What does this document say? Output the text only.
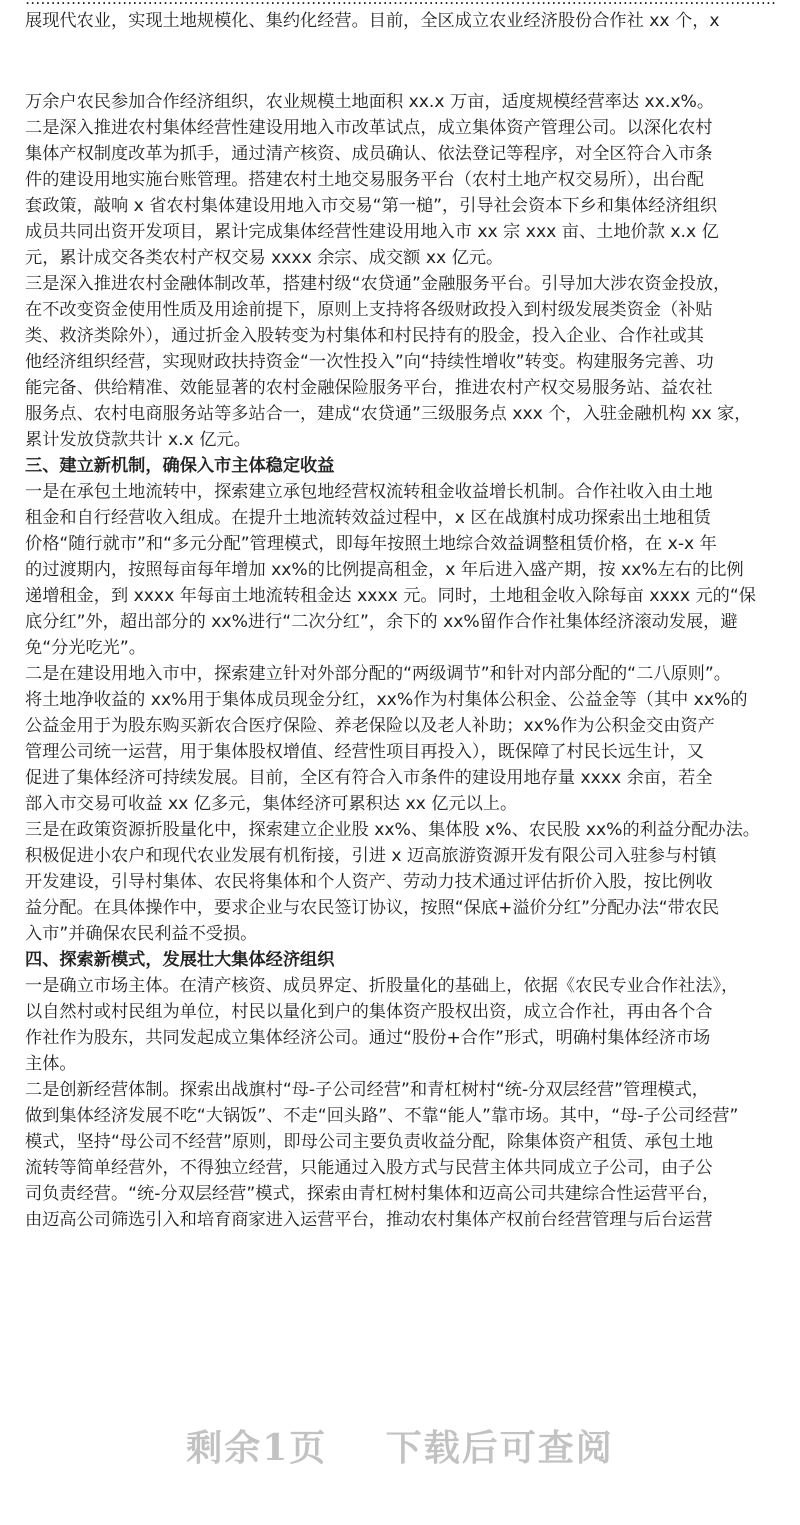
展现代农业，实现土地规模化、集约化经营。目前，全区成立农业经济股份合作社 xx 个，x
万余户农民参加合作经济组织，农业规模土地面积 xx.x 万亩，适度规模经营率达 xx.x%。
二是深入推进农村集体经营性建设用地入市改革试点，成立集体资产管理公司。以深化农村
集体产权制度改革为抓手，通过清产核资、成员确认、依法登记等程序，对全区符合入市条
件的建设用地实施台账管理。搭建农村土地交易服务平台（农村土地产权交易所），出台配
套政策，敲响 x 省农村集体建设用地入市交易“第一槌”，引导社会资本下乡和集体经济组织
成员共同出资开发项目，累计完成集体经营性建设用地入市 xx 宗 xxx 亩、土地价款 x.x 亿
元，累计成交各类农村产权交易 xxxx 余宗、成交额 xx 亿元。
三是深入推进农村金融体制改革，搭建村级“农贷通”金融服务平台。引导加大涉农资金投放，
在不改变资金使用性质及用途前提下，原则上支持将各级财政投入到村级发展类资金（补贴
类、救济类除外），通过折金入股转变为村集体和村民持有的股金，投入企业、合作社或其
他经济组织经营，实现财政扶持资金“一次性投入”向“持续性增收”转变。构建服务完善、功
能完备、供给精准、效能显著的农村金融保险服务平台，推进农村产权交易服务站、益农社
服务点、农村电商服务站等多站合一，建成“农贷通”三级服务点 xxx 个，入驻金融机构 xx 家，
累计发放贷款共计 x.x 亿元。
三、建立新机制，确保入市主体稳定收益
一是在承包土地流转中，探索建立承包地经营权流转租金收益增长机制。合作社收入由土地
租金和自行经营收入组成。在提升土地流转效益过程中，x 区在战旗村成功探索出土地租赁
价格“随行就市”和“多元分配”管理模式，即每年按照土地综合效益调整租赁价格，在 x-x 年
的过渡期内，按照每亩每年增加 xx%的比例提高租金，x 年后进入盛产期，按 xx%左右的比例
递增租金，到 xxxx 年每亩土地流转租金达 xxxx 元。同时，土地租金收入除每亩 xxxx 元的“保
底分红”外，超出部分的 xx%进行“二次分红”，余下的 xx%留作合作社集体经济滚动发展，避
免“分光吃光”。
二是在建设用地入市中，探索建立针对外部分配的“两级调节”和针对内部分配的“二八原则”。
将土地净收益的 xx%用于集体成员现金分红，xx%作为村集体公积金、公益金等（其中 xx%的
公益金用于为股东购买新农合医疗保险、养老保险以及老人补助；xx%作为公积金交由资产
管理公司统一运营，用于集体股权增值、经营性项目再投入），既保障了村民长远生计，又
促进了集体经济可持续发展。目前，全区有符合入市条件的建设用地存量 xxxx 余亩，若全
部入市交易可收益 xx 亿多元，集体经济可累积达 xx 亿元以上。
三是在政策资源折股量化中，探索建立企业股 xx%、集体股 x%、农民股 xx%的利益分配办法。
积极促进小农户和现代农业发展有机衔接，引进 x 迈高旅游资源开发有限公司入驻参与村镇
开发建设，引导村集体、农民将集体和个人资产、劳动力技术通过评估折价入股，按比例收
益分配。在具体操作中，要求企业与农民签订协议，按照“保底+溢价分红”分配办法“带农民
入市”并确保农民利益不受损。
四、探索新模式，发展壮大集体经济组织
一是确立市场主体。在清产核资、成员界定、折股量化的基础上，依据《农民专业合作社法》，
以自然村或村民组为单位，村民以量化到户的集体资产股权出资，成立合作社，再由各个合
作社作为股东，共同发起成立集体经济公司。通过“股份+合作”形式，明确村集体经济市场
主体。
二是创新经营体制。探索出战旗村“母-子公司经营”和青杠树村“统-分双层经营”管理模式，
做到集体经济发展不吃“大锅饭”、不走“回头路”、不靠“能人”靠市场。其中，“母-子公司经营”
模式，坚持“母公司不经营”原则，即母公司主要负责收益分配，除集体资产租赁、承包土地
流转等简单经营外，不得独立经营，只能通过入股方式与民营主体共同成立子公司，由子公
司负责经营。“统-分双层经营”模式，探索由青杠树村集体和迈高公司共建综合性运营平台，
由迈高公司筛选引入和培育商家进入运营平台，推动农村集体产权前台经营管理与后台运营
剩余1页 下载后可查阅
